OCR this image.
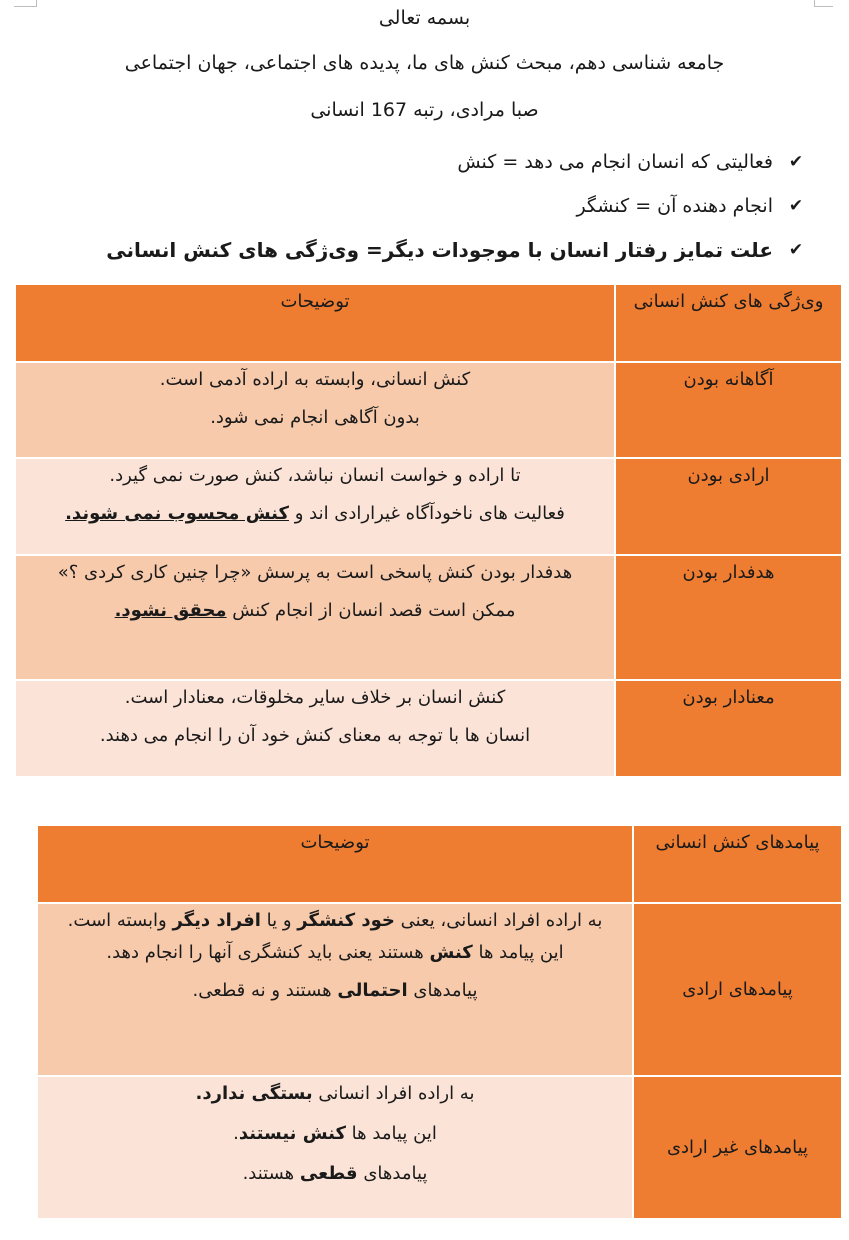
بسمه تعالی
جامعه شناسی دهم، مبحث کنش های ما، پدیده های اجتماعی، جهان اجتماعی
صبا مرادی، رتبه 167 انسانی
✔
فعالیتی که انسان انجام می دهد = کنش
✔
انجام دهنده آن = کنشگر
✔
علت تمایز رفتار انسان با موجودات دیگر= وی‌ژگی های کنش انسانی
وی‌ژگی های کنش انسانی	توضیحات
آگاهانه بودن	کنش انسانی، وابسته به اراده آدمی است.
بدون آگاهی انجام نمی شود.

ارادی بودن	تا اراده و خواست انسان نباشد، کنش صورت نمی گیرد.
فعالیت های ناخودآگاه غیرارادی اند و کنش محسوب نمی شوند.

هدفدار بودن	هدفدار بودن کنش پاسخی است به پرسش «چرا چنین کاری کردی ؟»
ممکن است قصد انسان از انجام کنش محقق نشود.

معنادار بودن	کنش انسان بر خلاف سایر مخلوقات، معنادار است.
انسان ها با توجه به معنای کنش خود آن را انجام می دهند.
پیامدهای کنش انسانی	توضیحات
پیامدهای ارادی	به اراده افراد انسانی، یعنی خود کنشگر و یا افراد دیگر وابسته است.
این پیامد ها کنش هستند یعنی باید کنشگری آنها را انجام دهد.
پیامدهای احتمالی هستند و نه قطعی.

پیامدهای غیر ارادی	به اراده افراد انسانی بستگی ندارد.
این پیامد ها کنش نیستند.
پیامدهای قطعی هستند.
